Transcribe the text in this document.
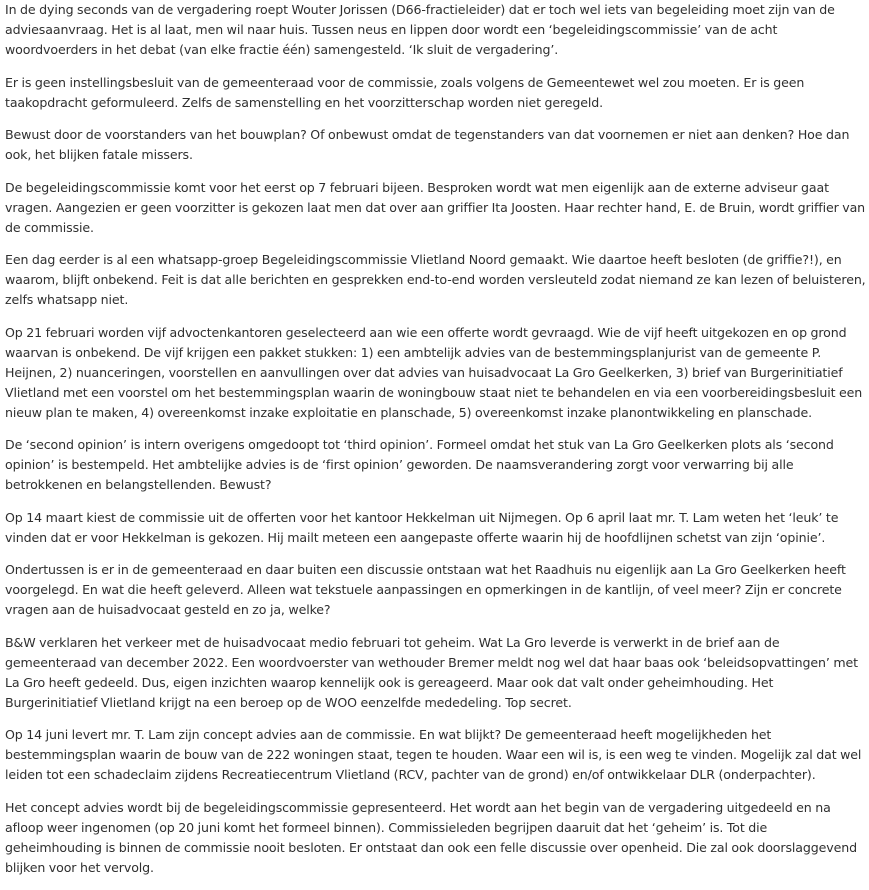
In de dying seconds van de vergadering roept Wouter Jorissen (D66-fractieleider) dat er toch wel iets van begeleiding moet zijn van de adviesaanvraag. Het is al laat, men wil naar huis. Tussen neus en lippen door wordt een ‘begeleidingscommissie’ van de acht woordvoerders in het debat (van elke fractie één) samengesteld. ‘Ik sluit de vergadering’.

Er is geen instellingsbesluit van de gemeenteraad voor de commissie, zoals volgens de Gemeentewet wel zou moeten. Er is geen taakopdracht geformuleerd. Zelfs de samenstelling en het voorzitterschap worden niet geregeld.

Bewust door de voorstanders van het bouwplan? Of onbewust omdat de tegenstanders van dat voornemen er niet aan denken? Hoe dan ook, het blijken fatale missers.

De begeleidingscommissie komt voor het eerst op 7 februari bijeen. Besproken wordt wat men eigenlijk aan de externe adviseur gaat vragen. Aangezien er geen voorzitter is gekozen laat men dat over aan griffier Ita Joosten. Haar rechter hand, E. de Bruin, wordt griffier van de commissie.

Een dag eerder is al een whatsapp-groep Begeleidingscommissie Vlietland Noord gemaakt. Wie daartoe heeft besloten (de griffie?!), en waarom, blijft onbekend. Feit is dat alle berichten en gesprekken end-to-end worden versleuteld zodat niemand ze kan lezen of beluisteren, zelfs whatsapp niet.

Op 21 februari worden vijf advoctenkantoren geselecteerd aan wie een offerte wordt gevraagd. Wie de vijf heeft uitgekozen en op grond waarvan is onbekend. De vijf krijgen een pakket stukken: 1) een ambtelijk advies van de bestemmingsplanjurist van de gemeente P. Heijnen, 2) nuanceringen, voorstellen en aanvullingen over dat advies van huisadvocaat La Gro Geelkerken, 3) brief van Burgerinitiatief Vlietland met een voorstel om het bestemmingsplan waarin de woningbouw staat niet te behandelen en via een voorbereidingsbesluit een nieuw plan te maken, 4) overeenkomst inzake exploitatie en planschade, 5) overeenkomst inzake planontwikkeling en planschade.

De ‘second opinion’ is intern overigens omgedoopt tot ‘third opinion’. Formeel omdat het stuk van La Gro Geelkerken plots als ‘second opinion’ is bestempeld. Het ambtelijke advies is de ‘first opinion’ geworden. De naamsverandering zorgt voor verwarring bij alle betrokkenen en belangstellenden. Bewust?

Op 14 maart kiest de commissie uit de offerten voor het kantoor Hekkelman uit Nijmegen. Op 6 april laat mr. T. Lam weten het ‘leuk’ te vinden dat er voor Hekkelman is gekozen. Hij mailt meteen een aangepaste offerte waarin hij de hoofdlijnen schetst van zijn ‘opinie’.

Ondertussen is er in de gemeenteraad en daar buiten een discussie ontstaan wat het Raadhuis nu eigenlijk aan La Gro Geelkerken heeft voorgelegd. En wat die heeft geleverd. Alleen wat tekstuele aanpassingen en opmerkingen in de kantlijn, of veel meer? Zijn er concrete vragen aan de huisadvocaat gesteld en zo ja, welke?

B&W verklaren het verkeer met de huisadvocaat medio februari tot geheim. Wat La Gro leverde is verwerkt in de brief aan de gemeenteraad van december 2022. Een woordvoerster van wethouder Bremer meldt nog wel dat haar baas ook ‘beleidsopvattingen’ met La Gro heeft gedeeld. Dus, eigen inzichten waarop kennelijk ook is gereageerd. Maar ook dat valt onder geheimhouding. Het Burgerinitiatief Vlietland krijgt na een beroep op de WOO eenzelfde mededeling. Top secret.

Op 14 juni levert mr. T. Lam zijn concept advies aan de commissie. En wat blijkt? De gemeenteraad heeft mogelijkheden het bestemmingsplan waarin de bouw van de 222 woningen staat, tegen te houden. Waar een wil is, is een weg te vinden. Mogelijk zal dat wel leiden tot een schadeclaim zijdens Recreatiecentrum Vlietland (RCV, pachter van de grond) en/of ontwikkelaar DLR (onderpachter).

Het concept advies wordt bij de begeleidingscommissie gepresenteerd. Het wordt aan het begin van de vergadering uitgedeeld en na afloop weer ingenomen (op 20 juni komt het formeel binnen). Commissieleden begrijpen daaruit dat het ‘geheim’ is. Tot die geheimhouding is binnen de commissie nooit besloten. Er ontstaat dan ook een felle discussie over openheid. Die zal ook doorslaggevend blijken voor het vervolg.
